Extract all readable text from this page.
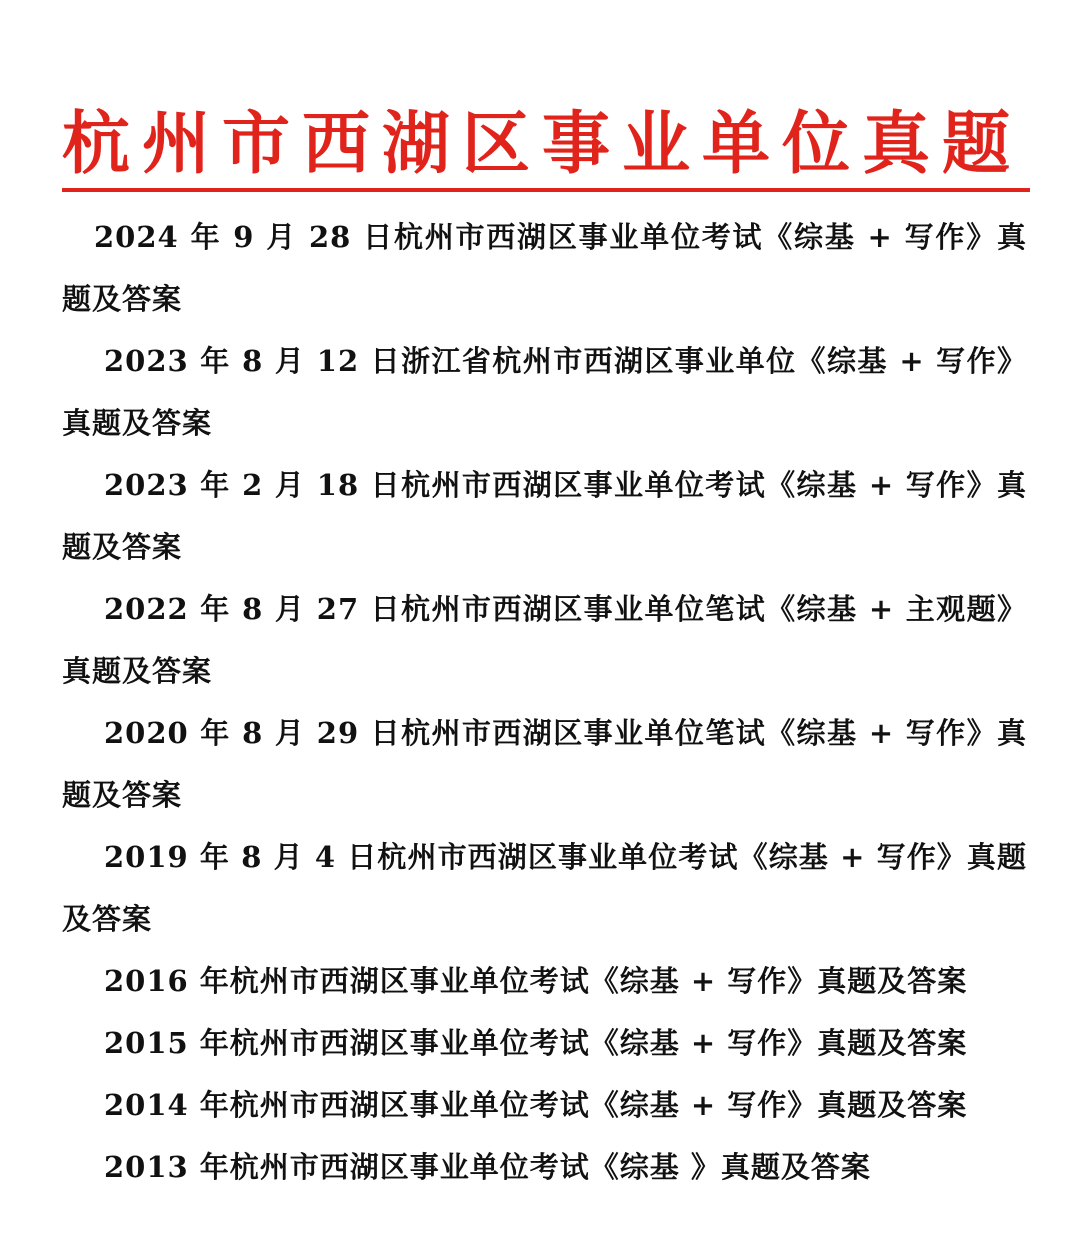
杭州市西湖区事业单位真题
2024 年 9 月 28 日杭州市西湖区事业单位考试《综基 + 写作》真题及答案
2023 年 8 月 12 日浙江省杭州市西湖区事业单位《综基 + 写作》真题及答案
2023 年 2 月 18 日杭州市西湖区事业单位考试《综基 + 写作》真题及答案
2022 年 8 月 27 日杭州市西湖区事业单位笔试《综基 + 主观题》真题及答案
2020 年 8 月 29 日杭州市西湖区事业单位笔试《综基 + 写作》真题及答案
2019 年 8 月 4 日杭州市西湖区事业单位考试《综基 + 写作》真题及答案
2016 年杭州市西湖区事业单位考试《综基 + 写作》真题及答案
2015 年杭州市西湖区事业单位考试《综基 + 写作》真题及答案
2014 年杭州市西湖区事业单位考试《综基 + 写作》真题及答案
2013 年杭州市西湖区事业单位考试《综基 》真题及答案
